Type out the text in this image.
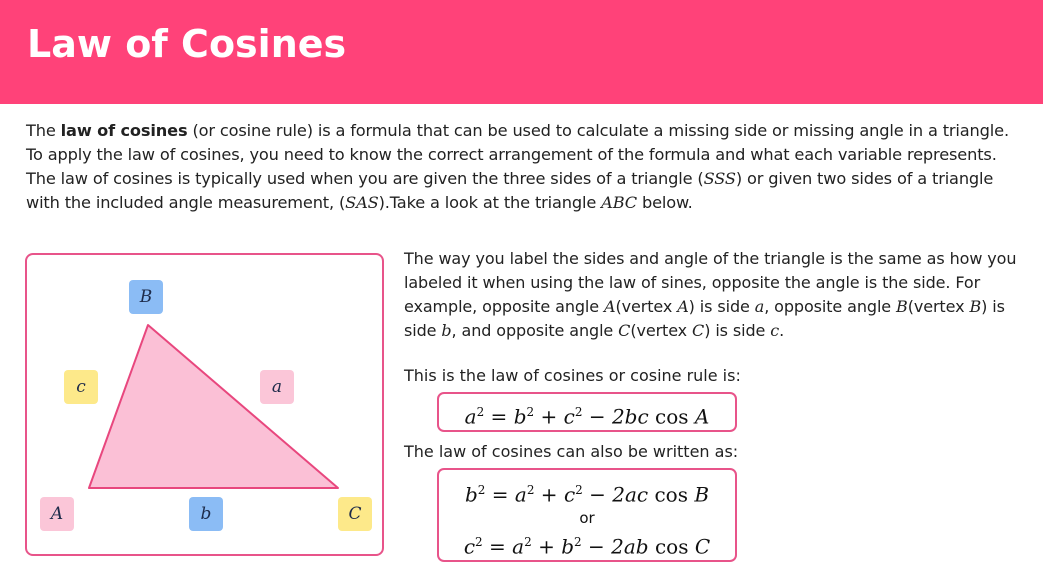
Law of Cosines
The law of cosines (or cosine rule) is a formula that can be used to calculate a missing side or missing angle in a triangle. To apply the law of cosines, you need to know the correct arrangement of the formula and what each variable represents. The law of cosines is typically used when you are given the three sides of a triangle (SSS) or given two sides of a triangle with the included angle measurement, (SAS).Take a look at the triangle ABC below.
B
c	a
A	b	C
The way you label the sides and angle of the triangle is the same as how you labeled it when using the law of sines, opposite the angle is the side. For example, opposite angle A(vertex A) is side a, opposite angle B(vertex B) is side b, and opposite angle C(vertex C) is side c.
This is the law of cosines or cosine rule is:
$a^2 = b^2 + c^2 - 2bc$ cos A
The law of cosines can also be written as:
$b^2 = a^2 + c^2 - 2ac$ cos B
or
$c^2 = a^2 + b^2 - 2ab$ cos C
